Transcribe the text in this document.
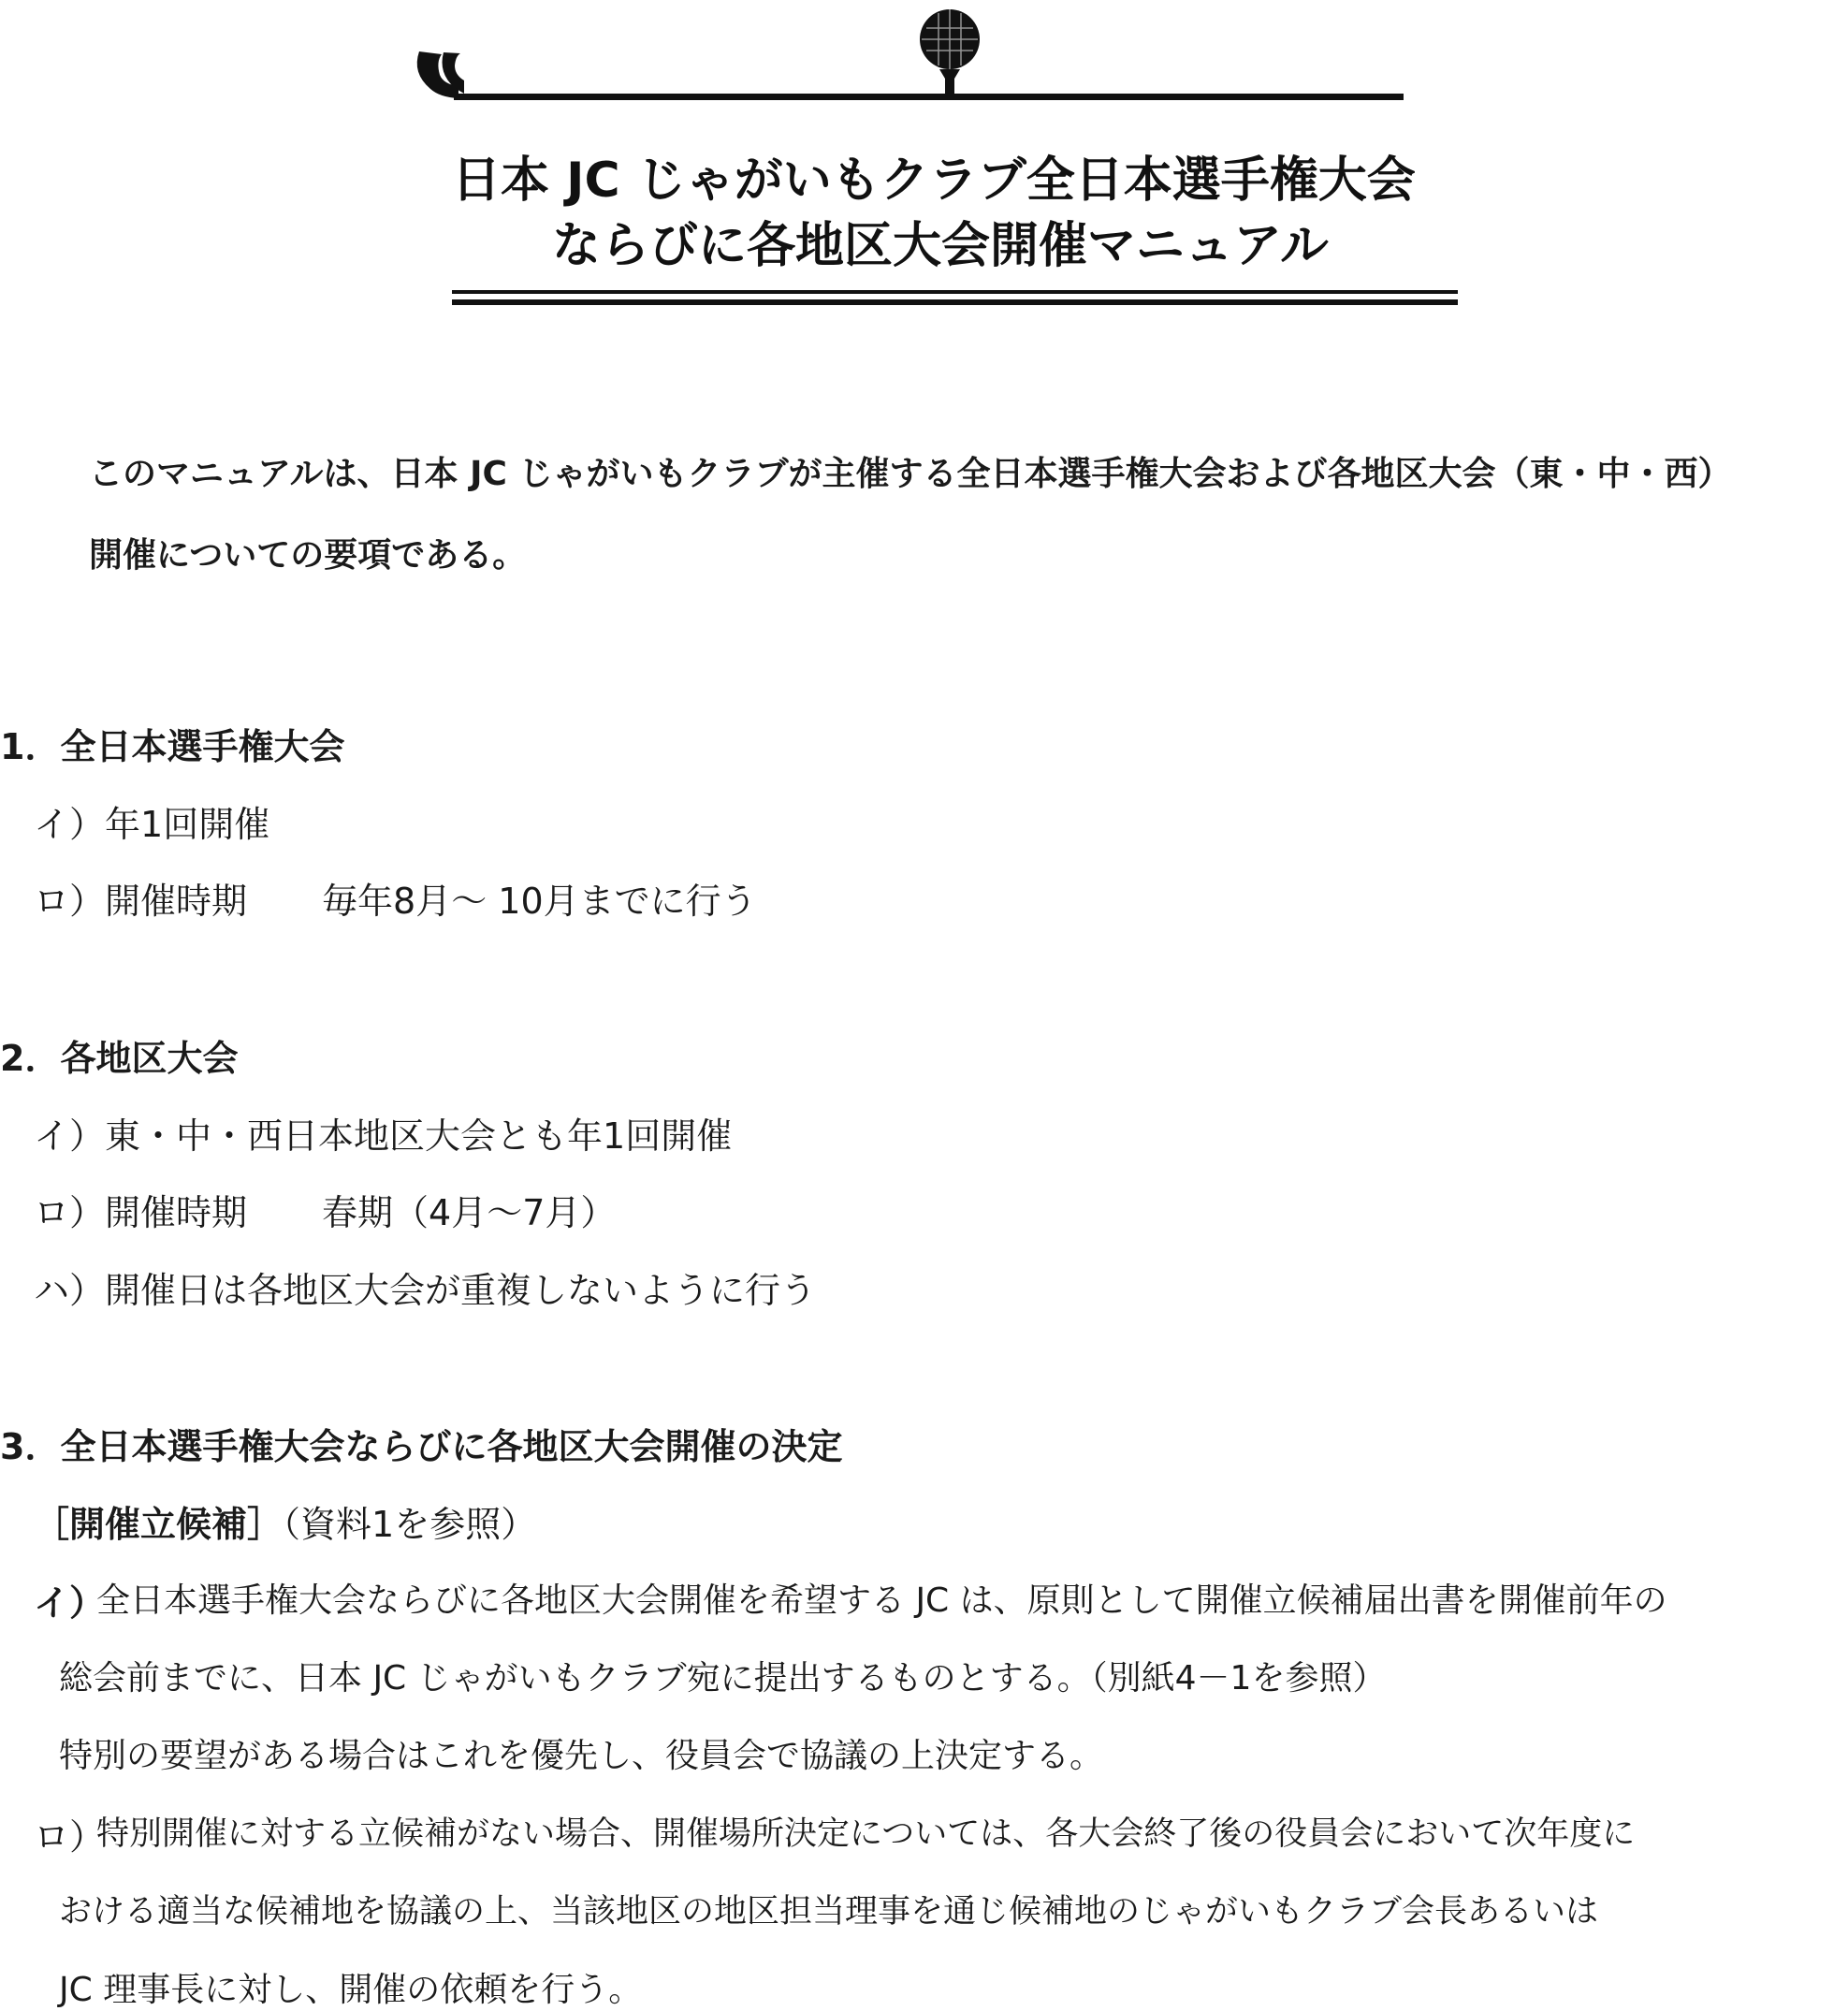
日本 JC じゃがいもクラブ全日本選手権大会
ならびに各地区大会開催マニュアル
このマニュアルは、日本 JC じゃがいもクラブが主催する全日本選手権大会および各地区大会（東・中・西）
開催についての要項である。
1．全日本選手権大会
イ）年1回開催
ロ）開催時期 毎年8月～ 10月までに行う
2．各地区大会
イ）東・中・西日本地区大会とも年1回開催
ロ）開催時期 春期（4月～7月）
ハ）開催日は各地区大会が重複しないように行う
3．全日本選手権大会ならびに各地区大会開催の決定
［開催立候補］（資料1を参照）
イ）
全日本選手権大会ならびに各地区大会開催を希望する JC は、原則として開催立候補届出書を開催前年の
総会前までに、日本 JC じゃがいもクラブ宛に提出するものとする。（別紙4－1を参照）
特別の要望がある場合はこれを優先し、役員会で協議の上決定する。
ロ）
特別開催に対する立候補がない場合、開催場所決定については、各大会終了後の役員会において次年度に
おける適当な候補地を協議の上、当該地区の地区担当理事を通じ候補地のじゃがいもクラブ会長あるいは
JC 理事長に対し、開催の依頼を行う。
